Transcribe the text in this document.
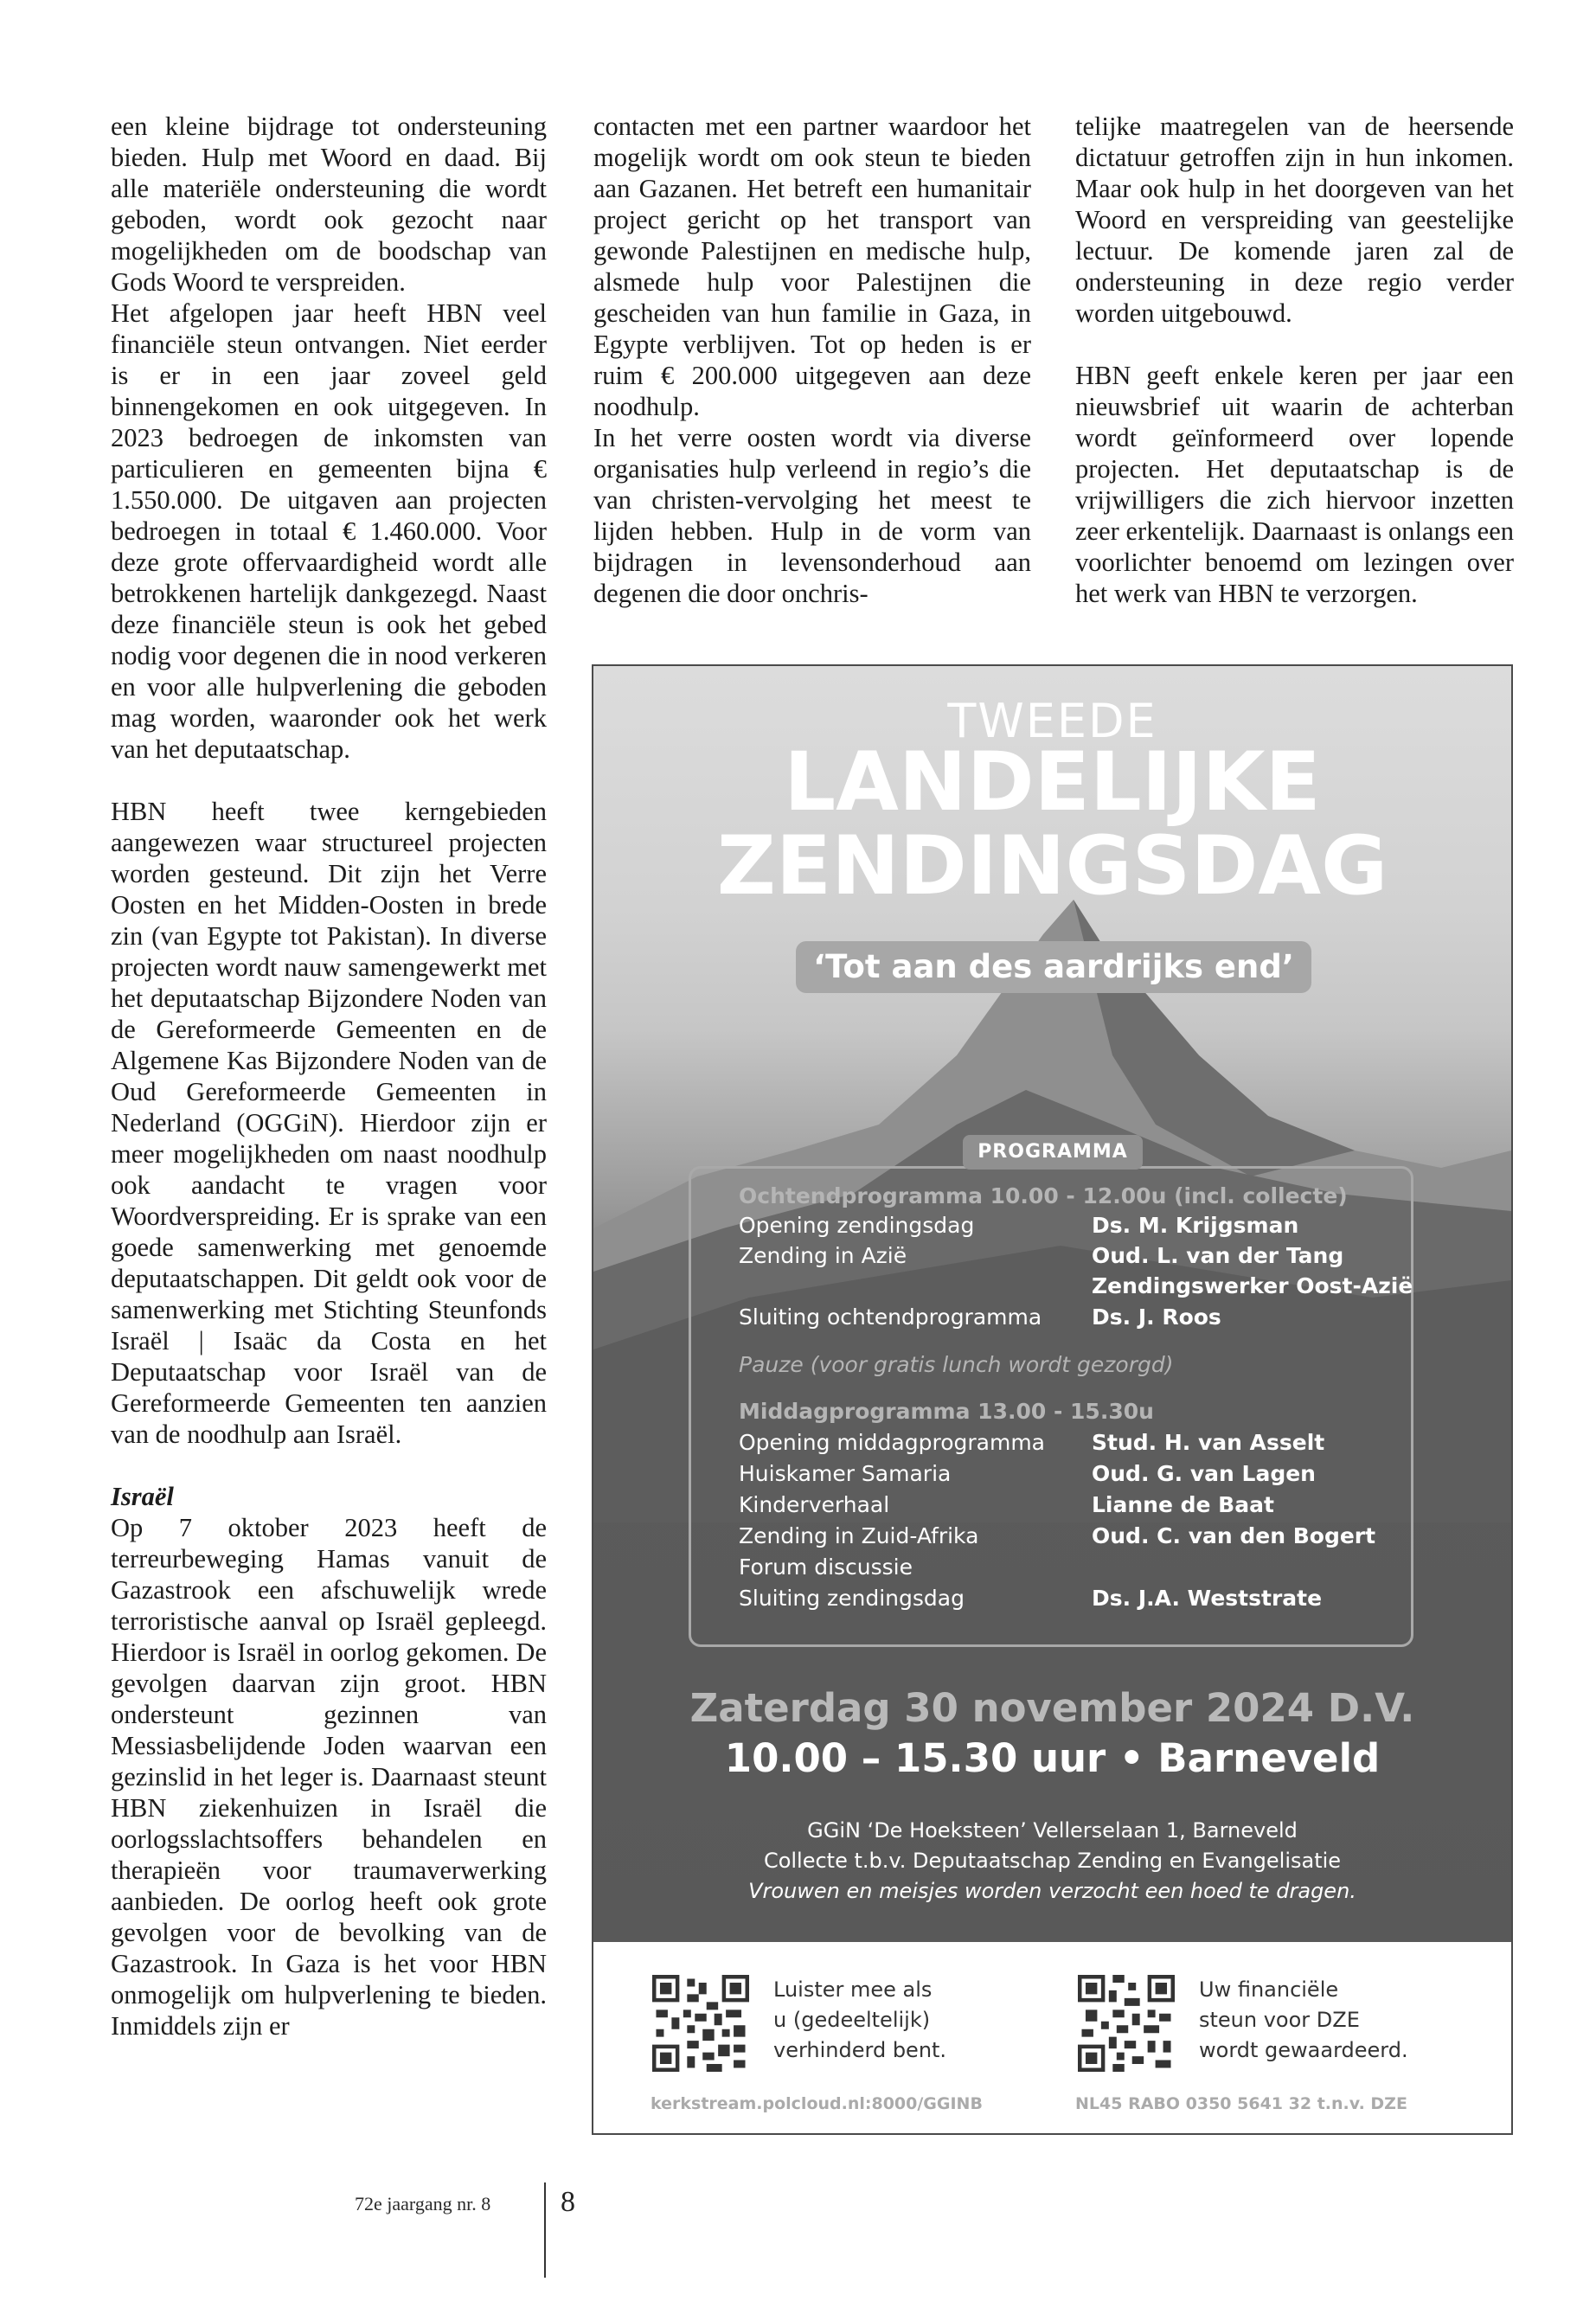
een kleine bijdrage tot ondersteuning bieden. Hulp met Woord en daad. Bij alle materiële ondersteuning die wordt geboden, wordt ook gezocht naar mogelijkheden om de boodschap van Gods Woord te verspreiden.

Het afgelopen jaar heeft HBN veel financiële steun ontvangen. Niet eerder is er in een jaar zoveel geld binnengekomen en ook uitgegeven. In 2023 bedroegen de inkomsten van particulieren en gemeenten bijna € 1.550.000. De uitgaven aan projecten bedroegen in totaal € 1.460.000. Voor deze grote offervaardigheid wordt alle betrokkenen hartelijk dankgezegd. Naast deze financiële steun is ook het gebed nodig voor degenen die in nood verkeren en voor alle hulpverlening die geboden mag worden, waaronder ook het werk van het deputaatschap.

HBN heeft twee kerngebieden aangewezen waar structureel projecten worden gesteund. Dit zijn het Verre Oosten en het Midden-Oosten in brede zin (van Egypte tot Pakistan). In diverse projecten wordt nauw samengewerkt met het deputaatschap Bijzondere Noden van de Gereformeerde Gemeenten en de Algemene Kas Bijzondere Noden van de Oud Gereformeerde Gemeenten in Nederland (OGGiN). Hierdoor zijn er meer mogelijkheden om naast noodhulp ook aandacht te vragen voor Woordverspreiding. Er is sprake van een goede samenwerking met genoemde deputaatschappen. Dit geldt ook voor de samenwerking met Stichting Steunfonds Israël | Isaäc da Costa en het Deputaatschap voor Israël van de Gereformeerde Gemeenten ten aanzien van de noodhulp aan Israël.

Israël

Op 7 oktober 2023 heeft de terreurbeweging Hamas vanuit de Gazastrook een afschuwelijk wrede terroristische aanval op Israël gepleegd. Hierdoor is Israël in oorlog gekomen. De gevolgen daarvan zijn groot. HBN ondersteunt gezinnen van Messiasbelijdende Joden waarvan een gezinslid in het leger is. Daarnaast steunt HBN ziekenhuizen in Israël die oorlogsslachtsoffers behandelen en therapieën voor traumaverwerking aanbieden. De oorlog heeft ook grote gevolgen voor de bevolking van de Gazastrook. In Gaza is het voor HBN onmogelijk om hulpverlening te bieden. Inmiddels zijn er

contacten met een partner waardoor het mogelijk wordt om ook steun te bieden aan Gazanen. Het betreft een humanitair project gericht op het transport van gewonde Palestijnen en medische hulp, alsmede hulp voor Palestijnen die gescheiden van hun familie in Gaza, in Egypte verblijven. Tot op heden is er ruim € 200.000 uitgegeven aan deze noodhulp.

In het verre oosten wordt via diverse organisaties hulp verleend in regio’s die van christen-vervolging het meest te lijden hebben. Hulp in de vorm van bijdragen in levensonderhoud aan degenen die door onchris-

telijke maatregelen van de heersende dictatuur getroffen zijn in hun inkomen. Maar ook hulp in het doorgeven van het Woord en verspreiding van geestelijke lectuur. De komende jaren zal de ondersteuning in deze regio verder worden uitgebouwd.

HBN geeft enkele keren per jaar een nieuwsbrief uit waarin de achterban wordt geïnformeerd over lopende projecten. Het deputaatschap is de vrijwilligers die zich hiervoor inzetten zeer erkentelijk. Daarnaast is onlangs een voorlichter benoemd om lezingen over het werk van HBN te verzorgen.

TWEEDE
LANDELIJKE
ZENDINGSDAG
‘Tot aan des aardrijks end’
PROGRAMMA
Ochtendprogramma 10.00 - 12.00u (incl. collecte)
Opening zendingsdag	Ds. M. Krijgsman
Zending in Azië	Oud. L. van der Tang
Zendingswerker Oost-Azië
Sluiting ochtendprogramma Ds. J. Roos
Pauze (voor gratis lunch wordt gezorgd)
Middagprogramma 13.00 - 15.30u
Opening middagprogramma Stud. H. van Asselt
Huiskamer Samaria	Oud. G. van Lagen
Kinderverhaal	Lianne de Baat
Zending in Zuid-Afrika	Oud. C. van den Bogert
Forum discussie
Sluiting zendingsdag	Ds. J.A. Weststrate
Zaterdag 30 november 2024 D.V.
10.00 – 15.30 uur • Barneveld
GGiN ‘De Hoeksteen’ Vellerselaan 1, Barneveld
Collecte t.b.v. Deputaatschap Zending en Evangelisatie
Vrouwen en meisjes worden verzocht een hoed te dragen.
Luister mee als
u (gedeeltelijk)
verhinderd bent.
kerkstream.polcloud.nl:8000/GGINB
Uw financiële
steun voor DZE
wordt gewaardeerd.
NL45 RABO 0350 5641 32 t.n.v. DZE
72e jaargang nr. 8 8
